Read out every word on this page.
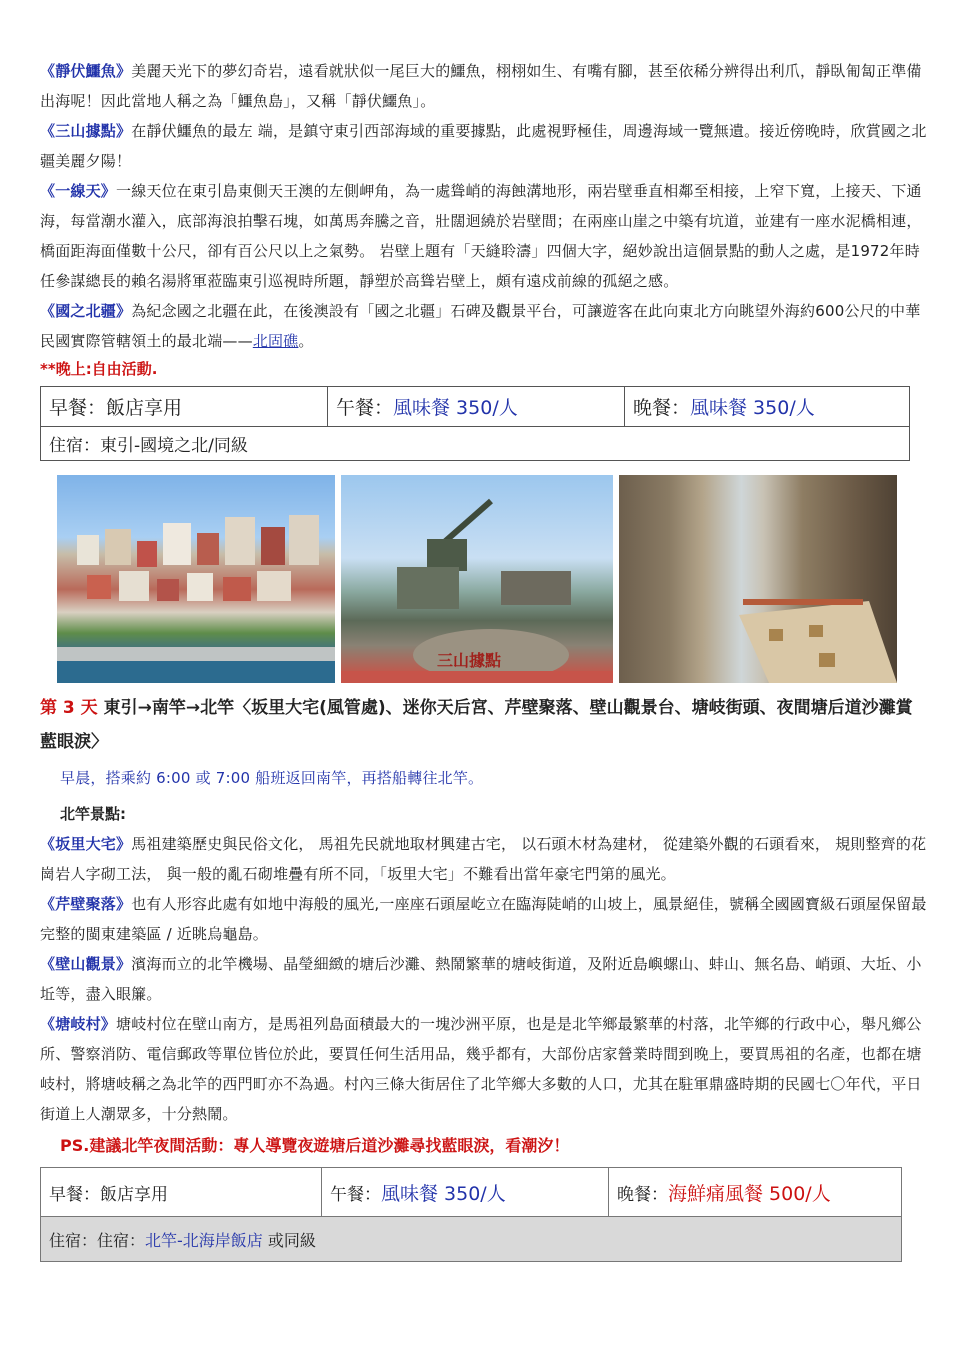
《靜伏鱷魚》美麗天光下的夢幻奇岩，遠看就狀似一尾巨大的鱷魚，栩栩如生、有嘴有腳，甚至依稀分辨得出利爪，靜臥匍匐正準備出海呢！因此當地人稱之為「鱷魚島」，又稱「靜伏鱷魚」。

《三山據點》在靜伏鱷魚的最左 端，是鎮守東引西部海域的重要據點，此處視野極佳，周邊海域一覽無遺。接近傍晚時，欣賞國之北疆美麗夕陽！

《一線天》一線天位在東引島東側天王澳的左側岬角，為一處聳峭的海蝕溝地形，兩岩壁垂直相鄰至相接，上窄下寬，上接天、下通海，每當潮水灌入，底部海浪拍擊石塊，如萬馬奔騰之音，壯闊迴繞於岩壁間；在兩座山崖之中築有坑道，並建有一座水泥橋相連，橋面距海面僅數十公尺，卻有百公尺以上之氣勢。 岩壁上題有「天縫聆濤」四個大字，絕妙說出這個景點的動人之處，是1972年時任參謀總長的賴名湯將軍蒞臨東引巡視時所題，靜塑於高聳岩壁上，頗有遠戍前線的孤絕之感。

《國之北疆》為紀念國之北疆在此，在後澳設有「國之北疆」石碑及觀景平台，可讓遊客在此向東北方向眺望外海約600公尺的中華民國實際管轄領土的最北端——北固礁。

**晚上:自由活動.
早餐：飯店享用	午餐：風味餐 350/人	晚餐：風味餐 350/人
住宿：東引-國境之北/同級
三山據點
第 3 天 東引→南竿→北竿〈坂里大宅(風管處)、迷你天后宮、芹壁聚落、壁山觀景台、塘岐街頭、夜間塘后道沙灘賞藍眼淚〉

早晨，搭乘約 6:00 或 7:00 船班返回南竿，再搭船轉往北竿。

北竿景點:

《坂里大宅》馬祖建築歷史與民俗文化， 馬祖先民就地取材興建古宅， 以石頭木材為建材， 從建築外觀的石頭看來， 規則整齊的花崗岩人字砌工法， 與一般的亂石砌堆疊有所不同，「坂里大宅」不難看出當年豪宅門第的風光。

《芹壁聚落》也有人形容此處有如地中海般的風光,一座座石頭屋屹立在臨海陡峭的山坡上，風景絕佳，號稱全國國寶級石頭屋保留最完整的閩東建築區 / 近眺烏龜島。

《壁山觀景》濱海而立的北竿機場、晶瑩細緻的塘后沙灘、熱鬧繁華的塘岐街道，及附近島嶼螺山、蚌山、無名島、峭頭、大坵、小坵等，盡入眼簾。

《塘岐村》塘岐村位在壁山南方，是馬祖列島面積最大的一塊沙洲平原，也是是北竿鄉最繁華的村落，北竿鄉的行政中心，舉凡鄉公所、警察消防、電信郵政等單位皆位於此，要買任何生活用品，幾乎都有，大部份店家營業時間到晚上，要買馬祖的名產，也都在塘岐村，將塘岐稱之為北竿的西門町亦不為過。村內三條大街居住了北竿鄉大多數的人口，尤其在駐軍鼎盛時期的民國七〇年代，平日街道上人潮眾多，十分熱鬧。

PS.建議北竿夜間活動：專人導覽夜遊塘后道沙灘尋找藍眼淚，看潮汐！
早餐：飯店享用	午餐：風味餐 350/人	晚餐：海鮮痛風餐 500/人
住宿：住宿：北竿-北海岸飯店 或同級
